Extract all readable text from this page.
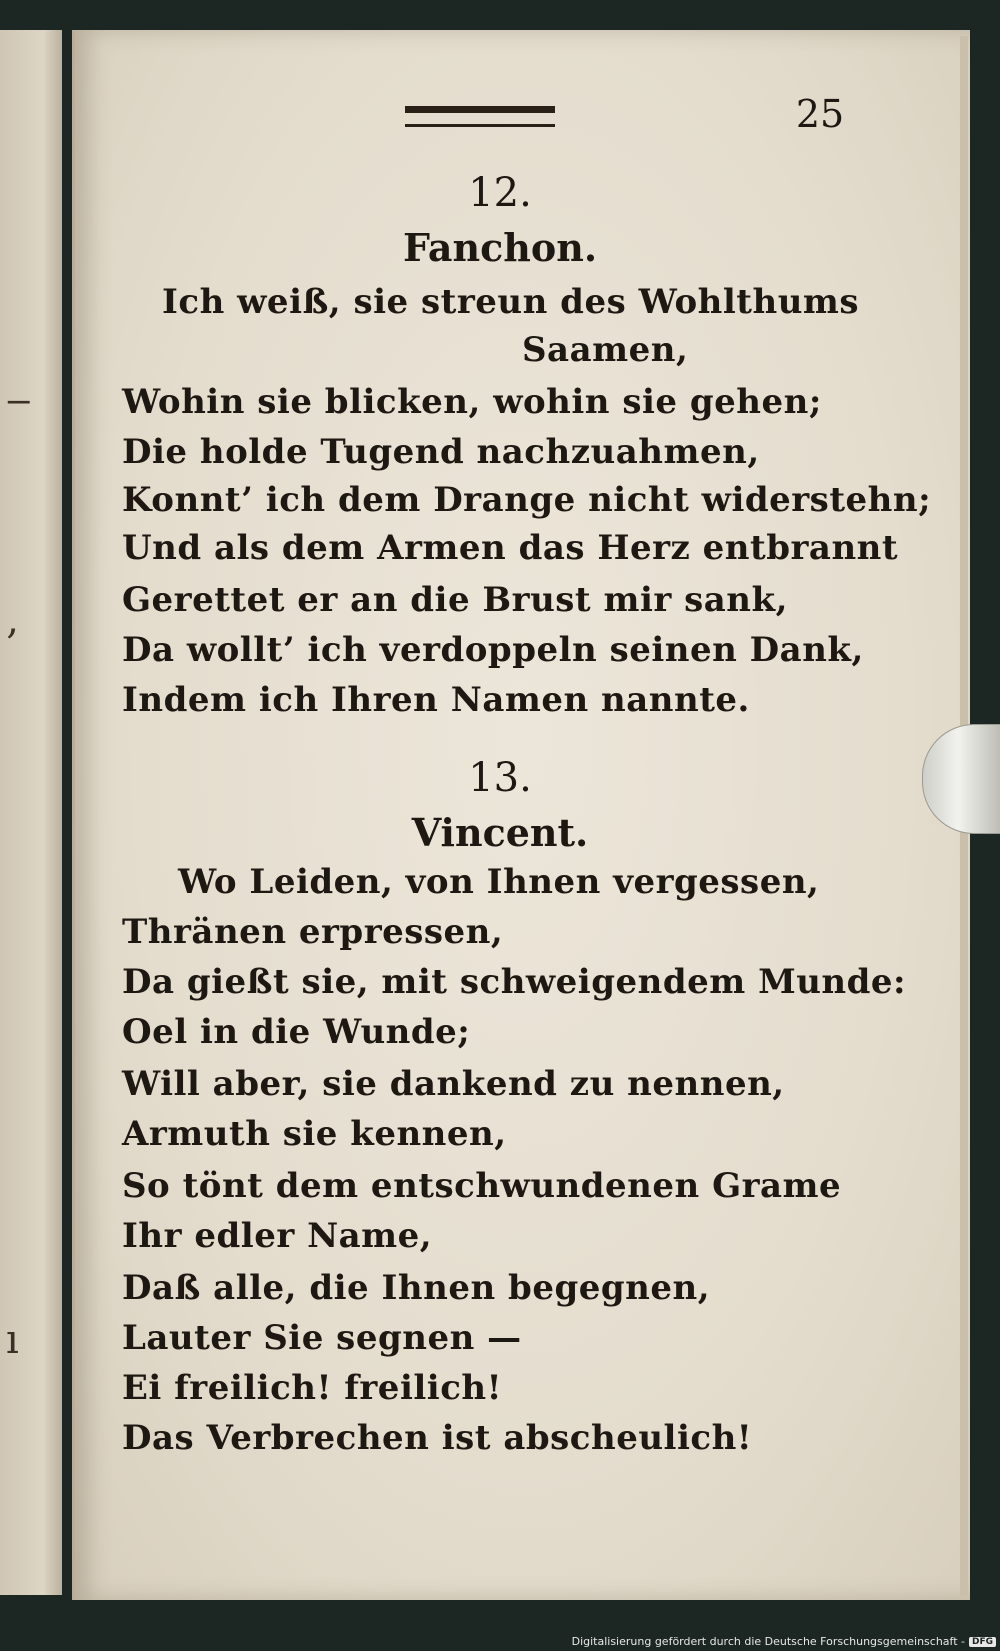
‒
‚
ı
25
12.
Fanchon.
Ich weiß, sie streun des Wohlthums
Saamen,
Wohin sie blicken, wohin sie gehen;
Die holde Tugend nachzuahmen,
Konnt’ ich dem Drange nicht widerstehn;
Und als dem Armen das Herz entbrannt
Gerettet er an die Brust mir sank,
Da wollt’ ich verdoppeln seinen Dank,
Indem ich Ihren Namen nannte.
13.
Vincent.
Wo Leiden, von Ihnen vergessen,
Thränen erpressen,
Da gießt sie, mit schweigendem Munde:
Oel in die Wunde;
Will aber, sie dankend zu nennen,
Armuth sie kennen,
So tönt dem entschwundenen Grame
Ihr edler Name,
Daß alle, die Ihnen begegnen,
Lauter Sie segnen —
Ei freilich! freilich!
Das Verbrechen ist abscheulich!
Digitalisierung gefördert durch die Deutsche Forschungsgemeinschaft - DFG
